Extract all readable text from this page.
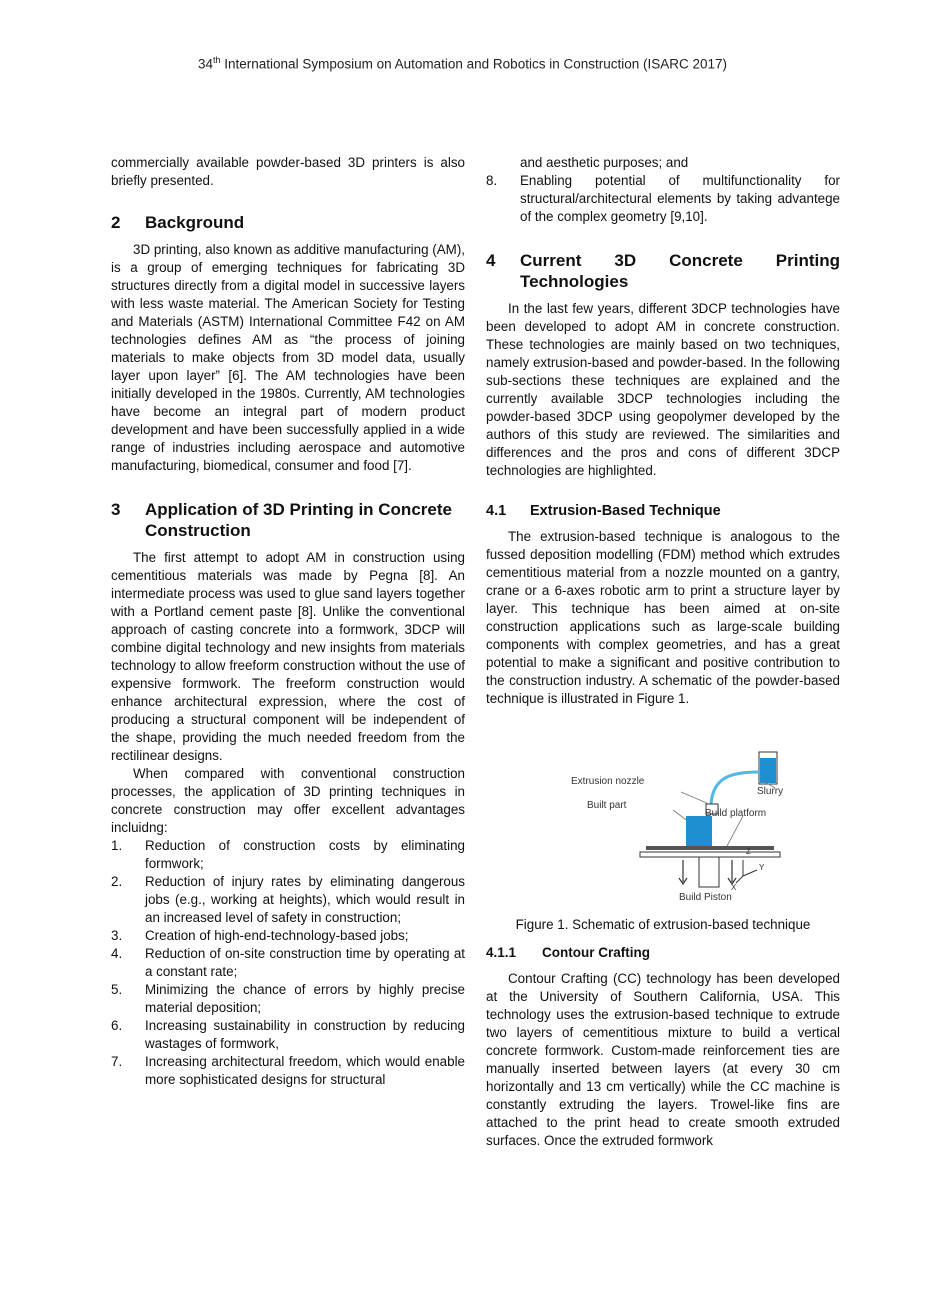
34th International Symposium on Automation and Robotics in Construction (ISARC 2017)

commercially available powder-based 3D printers is also briefly presented.

2	Background

3D printing, also known as additive manufacturing (AM), is a group of emerging techniques for fabricating 3D structures directly from a digital model in successive layers with less waste material. The American Society for Testing and Materials (ASTM) International Committee F42 on AM technologies defines AM as “the process of joining materials to make objects from 3D model data, usually layer upon layer” [6]. The AM technologies have been initially developed in the 1980s. Currently, AM technologies have become an integral part of modern product development and have been successfully applied in a wide range of industries including aerospace and automotive manufacturing, biomedical, consumer and food [7].

3	Application of 3D Printing in Concrete Construction

The first attempt to adopt AM in construction using cementitious materials was made by Pegna [8]. An intermediate process was used to glue sand layers together with a Portland cement paste [8]. Unlike the conventional approach of casting concrete into a formwork, 3DCP will combine digital technology and new insights from materials technology to allow freeform construction without the use of expensive formwork. The freeform construction would enhance architectural expression, where the cost of producing a structural component will be independent of the shape, providing the much needed freedom from the rectilinear designs.

When compared with conventional construction processes, the application of 3D printing techniques in concrete construction may offer excellent advantages incluidng:

1.	Reduction of construction costs by eliminating formwork;
2.	Reduction of injury rates by eliminating dangerous jobs (e.g., working at heights), which would result in an increased level of safety in construction;
3.	Creation of high-end-technology-based jobs;
4.	Reduction of on-site construction time by operating at a constant rate;
5.	Minimizing the chance of errors by highly precise material deposition;
6.	Increasing sustainability in construction by reducing wastages of formwork,
7.	Increasing architectural freedom, which would enable more sophisticated designs for structural
and aesthetic purposes; and
8.	Enabling potential of multifunctionality for structural/architectural elements by taking advantege of the complex geometry [9,10].
4	Current 3D Concrete Printing
Technologies

In the last few years, different 3DCP technologies have been developed to adopt AM in concrete construction. These technologies are mainly based on two techniques, namely extrusion-based and powder-based. In the following sub-sections these techniques are explained and the currently available 3DCP technologies including the powder-based 3DCP using geopolymer developed by the authors of this study are reviewed. The similarities and differences and the pros and cons of different 3DCP technologies are highlighted.

4.1	Extrusion-Based Technique

The extrusion-based technique is analogous to the fussed deposition modelling (FDM) method which extrudes cementitious material from a nozzle mounted on a gantry, crane or a 6-axes robotic arm to print a structure layer by layer. This technique has been aimed at on-site construction applications such as large-scale building components with complex geometries, and has a great potential to make a significant and positive contribution to the construction industry. A schematic of the powder-based technique is illustrated in Figure 1.

Extrusion nozzle
Slurry
Built part
Build platform
Build Piston
Z
Y
X

Figure 1. Schematic of extrusion-based technique

4.1.1	Contour Crafting

Contour Crafting (CC) technology has been developed at the University of Southern California, USA. This technology uses the extrusion-based technique to extrude two layers of cementitious mixture to build a vertical concrete formwork. Custom-made reinforcement ties are manually inserted between layers (at every 30 cm horizontally and 13 cm vertically) while the CC machine is constantly extruding the layers. Trowel-like fins are attached to the print head to create smooth extruded surfaces. Once the extruded formwork
